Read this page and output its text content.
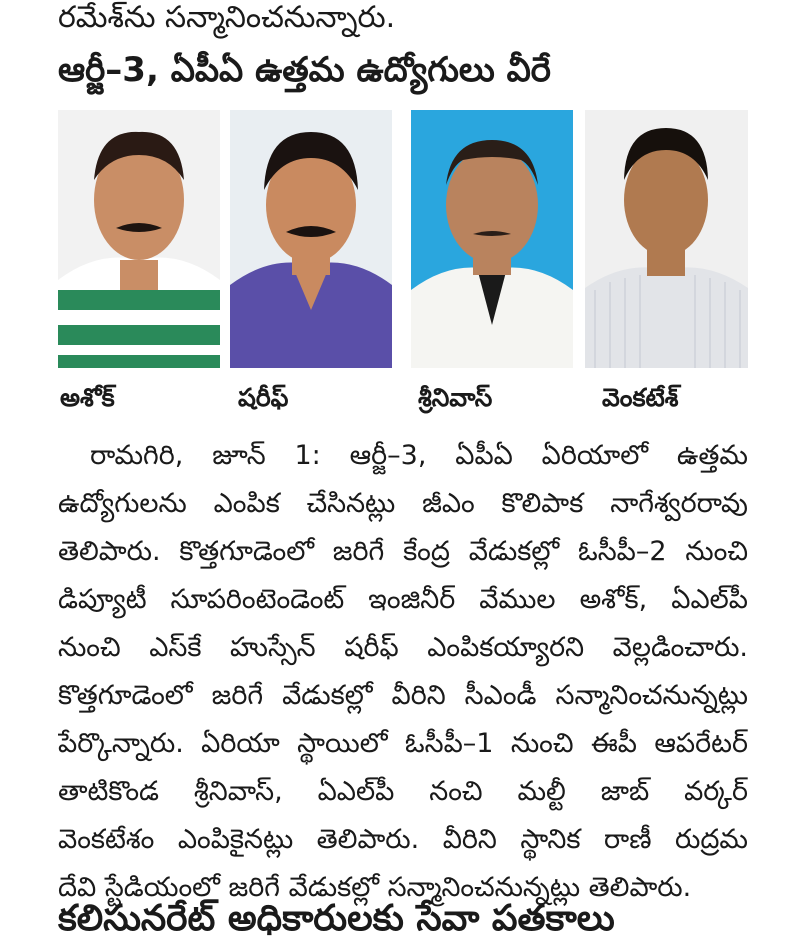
రమేశ్‌ను సన్మానించనున్నారు.
ఆర్జీ–3, ఏపీఏ ఉత్తమ ఉద్యోగులు వీరే
అశోక్‌	షరీఫ్‌	శ్రీనివాస్‌	వెంకటేశ్‌
రామగిరి, జూన్‌ 1: ఆర్జీ–3, ఏపీఏ ఏరియాలో ఉత్తమ
ఉద్యోగులను ఎంపిక చేసినట్లు జీఎం కొలిపాక నాగేశ్వరరావు
తెలిపారు. కొత్తగూడెంలో జరిగే కేంద్ర వేడుకల్లో ఓసీపీ–2 నుంచి
డిప్యూటీ సూపరింటెండెంట్‌ ఇంజినీర్‌ వేముల అశోక్‌, ఏఎల్‌పీ
నుంచి ఎస్‌కే హుస్సేన్‌ షరీఫ్‌ ఎంపికయ్యారని వెల్లడించారు.
కొత్తగూడెంలో జరిగే వేడుకల్లో వీరిని సీఎండీ సన్మానించనున్నట్లు
పేర్కొన్నారు. ఏరియా స్థాయిలో ఓసీపీ–1 నుంచి ఈపీ ఆపరేటర్‌
తాటికొండ శ్రీనివాస్‌, ఏఎల్‌పీ నంచి మల్టీ జాబ్‌ వర్కర్‌
వెంకటేశం ఎంపికైనట్లు తెలిపారు. వీరిని స్థానిక రాణీ రుద్రమ
దేవి స్టేడియంలో జరిగే వేడుకల్లో సన్మానించనున్నట్లు తెలిపారు.
కలిసునరేట్‌ అధికారులకు సేవా పతకాలు
